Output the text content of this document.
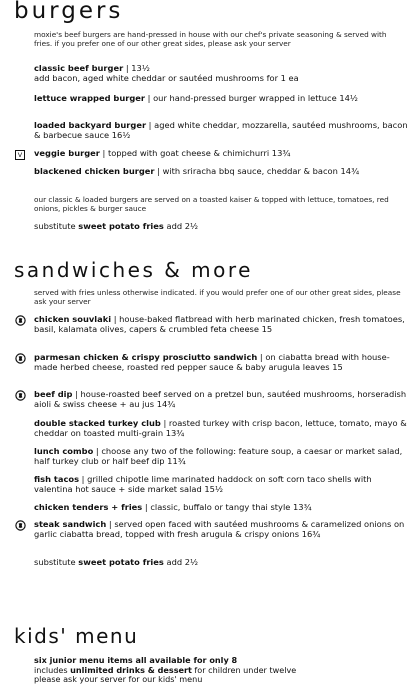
burgers
moxie's beef burgers are hand-pressed in house with our chef's private seasoning & served with fries. if you prefer one of our other great sides, please ask your server
classic beef burger | 13½
add bacon, aged white cheddar or sautéed mushrooms for 1 ea
lettuce wrapped burger | our hand-pressed burger wrapped in lettuce 14½
loaded backyard burger | aged white cheddar, mozzarella, sautéed mushrooms, bacon & barbecue sauce 16½
V	veggie burger | topped with goat cheese & chimichurri 13¾
blackened chicken burger | with sriracha bbq sauce, cheddar & bacon 14¾
our classic & loaded burgers are served on a toasted kaiser & topped with lettuce, tomatoes, red onions, pickles & burger sauce
substitute sweet potato fries add 2½
sandwiches & more
served with fries unless otherwise indicated. if you would prefer one of our other great sides, please ask your server
chicken souvlaki | house-baked flatbread with herb marinated chicken, fresh tomatoes, basil, kalamata olives, capers & crumbled feta cheese 15
parmesan chicken & crispy prosciutto sandwich | on ciabatta bread with house-made herbed cheese, roasted red pepper sauce & baby arugula leaves 15
beef dip | house-roasted beef served on a pretzel bun, sautéed mushrooms, horseradish aioli & swiss cheese + au jus 14¾
double stacked turkey club | roasted turkey with crisp bacon, lettuce, tomato, mayo & cheddar on toasted multi-grain 13¾
lunch combo | choose any two of the following: feature soup, a caesar or market salad, half turkey club or half beef dip 11¾
fish tacos | grilled chipotle lime marinated haddock on soft corn taco shells with valentina hot sauce + side market salad 15½
chicken tenders + fries | classic, buffalo or tangy thai style 13¾
steak sandwich | served open faced with sautéed mushrooms & caramelized onions on garlic ciabatta bread, topped with fresh arugula & crispy onions 16¾
substitute sweet potato fries add 2½
kids' menu
six junior menu items all available for only 8
includes unlimited drinks & dessert for children under twelve
please ask your server for our kids' menu
